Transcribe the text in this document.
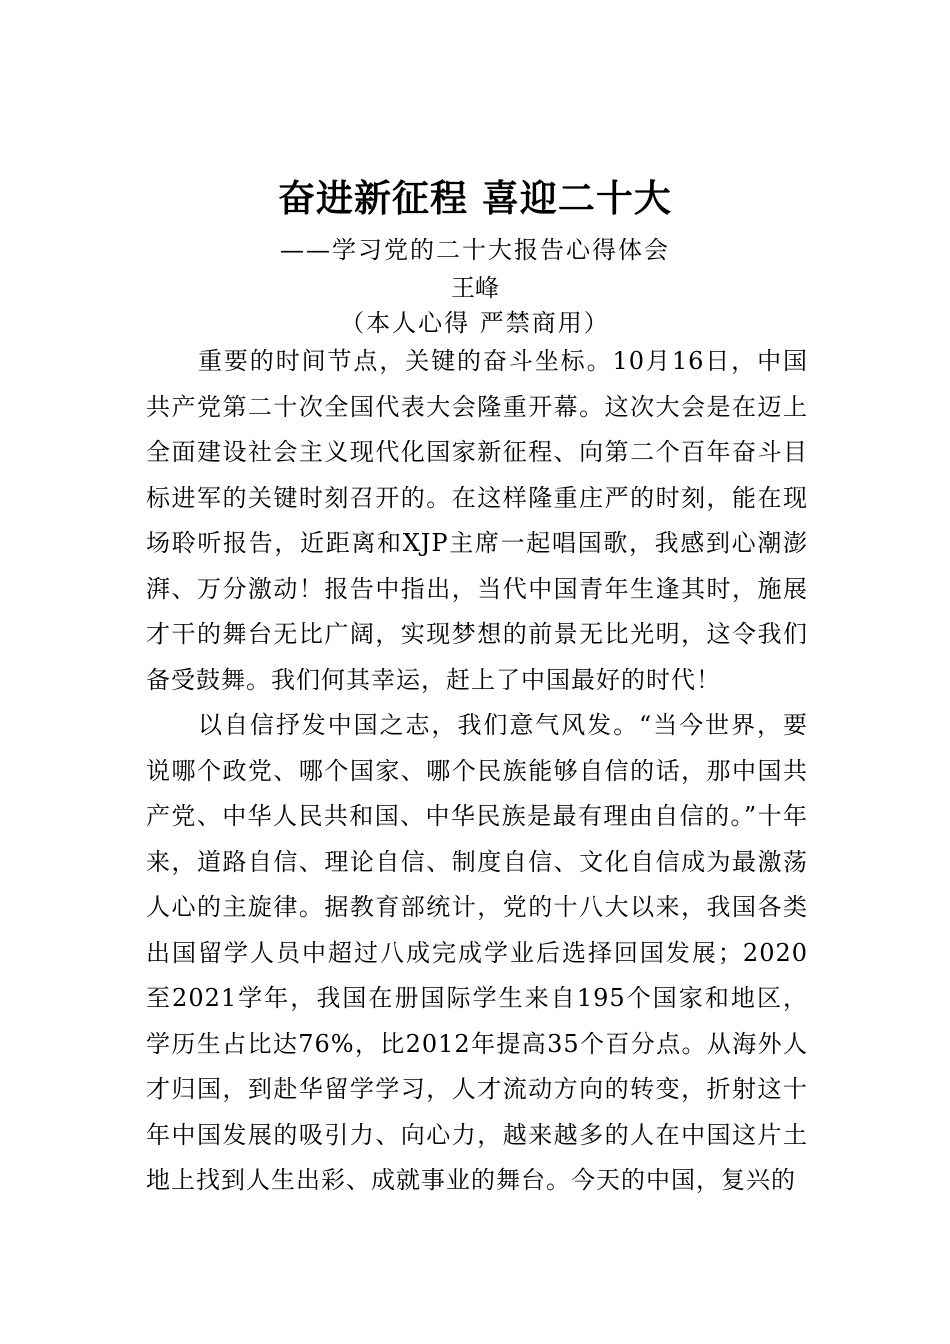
奋进新征程 喜迎二十大

——学习党的二十大报告心得体会

王峰

（本人心得 严禁商用）

重要的时间节点，关键的奋斗坐标。10月16日，中国共产党第二十次全国代表大会隆重开幕。这次大会是在迈上全面建设社会主义现代化国家新征程、向第二个百年奋斗目标进军的关键时刻召开的。在这样隆重庄严的时刻，能在现场聆听报告，近距离和XJP主席一起唱国歌，我感到心潮澎湃、万分激动！报告中指出，当代中国青年生逢其时，施展才干的舞台无比广阔，实现梦想的前景无比光明，这令我们备受鼓舞。我们何其幸运，赶上了中国最好的时代！

以自信抒发中国之志，我们意气风发。“当今世界，要说哪个政党、哪个国家、哪个民族能够自信的话，那中国共产党、中华人民共和国、中华民族是最有理由自信的。”十年来，道路自信、理论自信、制度自信、文化自信成为最激荡人心的主旋律。据教育部统计，党的十八大以来，我国各类出国留学人员中超过八成完成学业后选择回国发展；2020至2021学年，我国在册国际学生来自195个国家和地区，学历生占比达76%，比2012年提高35个百分点。从海外人才归国，到赴华留学学习，人才流动方向的转变，折射这十年中国发展的吸引力、向心力，越来越多的人在中国这片土地上找到人生出彩、成就事业的舞台。今天的中国，复兴的
